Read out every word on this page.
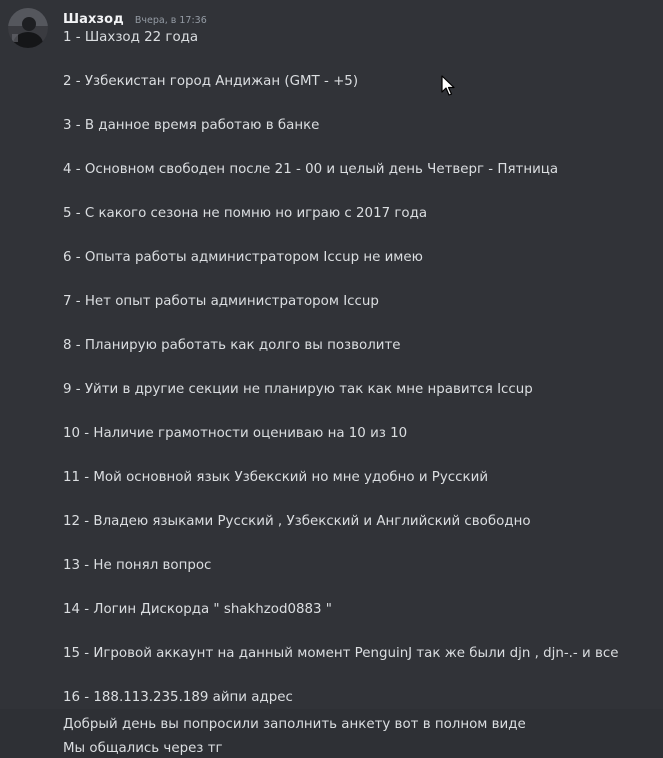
Шахзод Вчера, в 17:36
1 - Шахзод 22 года
2 - Узбекистан город Андижан (GMT - +5)
3 - В данное время работаю в банке
4 - Основном свободен после 21 - 00 и целый день Четверг - Пятница
5 - С какого сезона не помню но играю с 2017 года
6 - Опыта работы администратором Iccup не имею
7 - Нет опыт работы администратором Iccup
8 - Планирую работать как долго вы позволите
9 - Уйти в другие секции не планирую так как мне нравится Iccup
10 - Наличие грамотности оцениваю на 10 из 10
11 - Мой основной язык Узбекский но мне удобно и Русский
12 - Владею языками Русский , Узбекский и Английский свободно
13 - Не понял вопрос
14 - Логин Дискорда " shakhzod0883 "
15 - Игровой аккаунт на данный момент PenguinJ так же были djn , djn-.- и все
16 - 188.113.235.189 айпи адрес
Добрый день вы попросили заполнить анкету вот в полном виде
Мы общались через тг
